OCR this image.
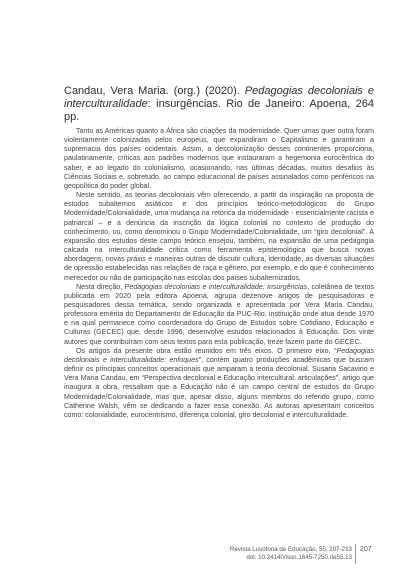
Candau, Vera Maria. (org.) (2020). Pedagogias decoloniais e interculturalidade: insurgências. Rio de Janeiro: Apoena, 264 pp.

Tanto as Américas quanto a África são criações da modernidade. Quer umas quer outra foram violentamente colonizadas pelos europeus, que expandiram o Capitalismo e garantiram a supremacia dos países ocidentais. Assim, a descolonização desses continentes proporciona, paulatinamente, críticas aos padrões modernos que instauraram a hegemonia eurocêntrica do saber, e ao legado do colonialismo, ocasionando, nas últimas décadas, muitos desafios às Ciências Sociais e, sobretudo, ao campo educacional de países assinalados como periféricos na geopolítica do poder global.

Neste sentido, as teorias decoloniais vêm oferecendo, a partir da inspiração na proposta de estudos subalternos asiáticos e dos princípios teórico-metodológicos do Grupo Modernidade/Colonialidade, uma mudança na retórica da modernidade - essencialmente racista e patriarcal – e a denúncia da inscrição da lógica colonial no contexto de produção do conhecimento, ou, como denominou o Grupo Modernidade/Colonialidade, um “giro decolonial”. A expansão dos estudos deste campo teórico ensejou, também, na expansão de uma pedagogia calcada na interculturalidade crítica como ferramenta epistemológica que busca novas abordagens, novas práxis e maneiras outras de discutir cultura, identidade, as diversas situações de opressão estabelecidas nas relações de raça e gênero, por exemplo, e do que é conhecimento merecedor ou não de participação nas escolas dos países subalternizados.

Nesta direção, Pedagogias decoloniais e interculturalidade: insurgências, coletânea de textos publicada em 2020 pela editora Apoena, agrupa dezenove artigos de pesquisadoras e pesquisadores dessa temática, sendo organizada e apresentada por Vera Maria Candau, professora emérita do Departamento de Educação da PUC-Rio, instituição onde atua desde 1970 e na qual permanece como coordenadora do Grupo de Estudos sobre Cotidiano, Educação e Culturas (GECEC) que, desde 1996, desenvolve estudos relacionados à Educação. Dos vinte autores que contribuíram com seus textos para esta publicação, treze fazem parte do GECEC.

Os artigos da presente obra estão reunidos em três eixos. O primeiro eixo, “Pedagogias decoloniais e interculturalidade: enfoques”, contém quatro produções acadêmicas que buscam definir os principais conceitos operacionais que amparam a teoria decolonial. Susana Sacavino e Vera Maria Candau, em “Perspectiva decolonial e Educação intercultural: articulações”, artigo que inaugura a obra, ressaltam que a Educação não é um campo central de estudos do Grupo Modernidade/Colonialidade, mas que, apesar disso, alguns membros do referido grupo, como Catherine Walsh, vêm se dedicando a fazer essa conexão. As autoras apresentam conceitos como: colonialidade, eurocentrismo, diferença colonial, giro decolonial e interculturalidade.

Revista Lusófona de Educação, 55, 207-213
doi: 10.24140/issn.1645-7250.rle55.13
207
